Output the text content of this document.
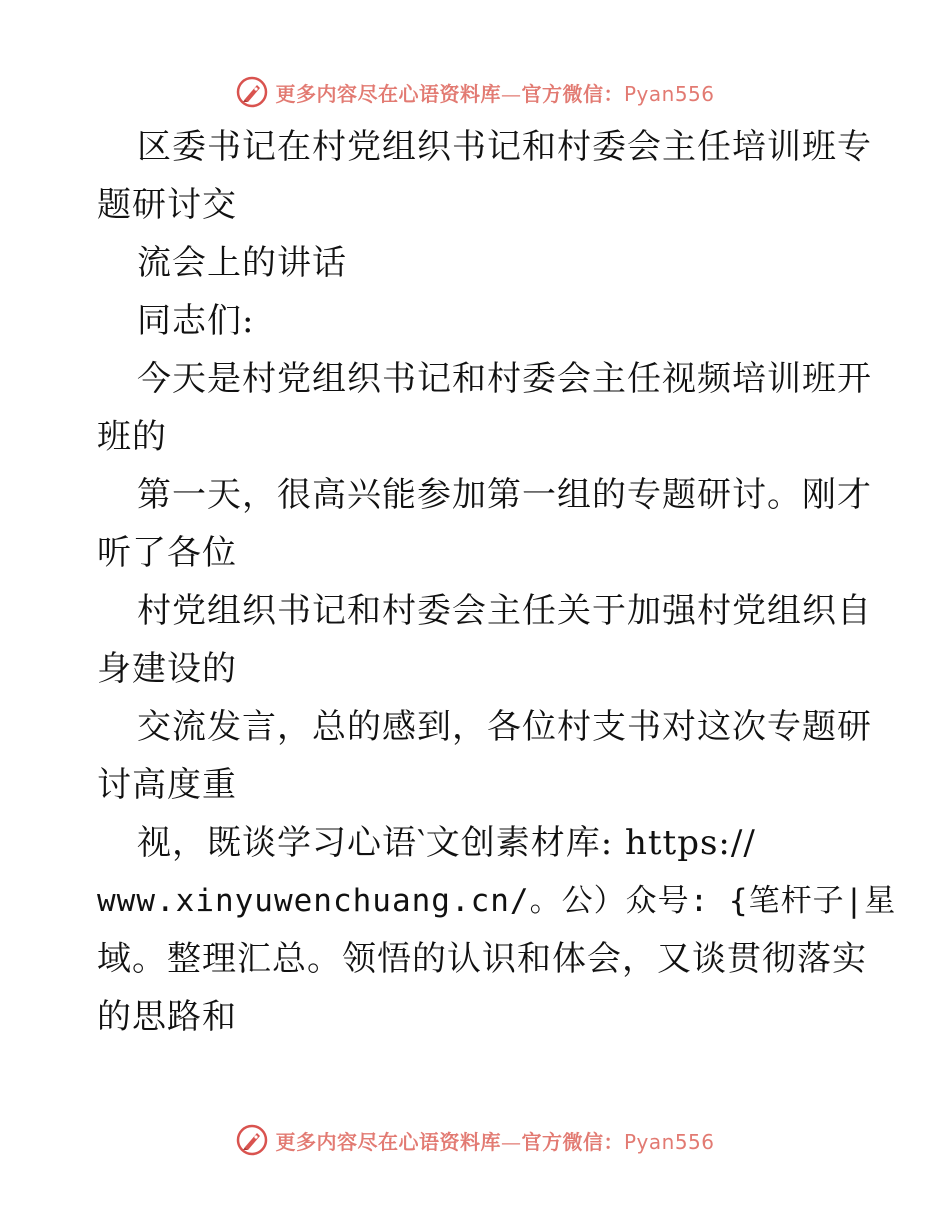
更多内容尽在心语资料库—官方微信：Pyan556
区委书记在村党组织书记和村委会主任培训班专
题研讨交
流会上的讲话
同志们:
今天是村党组织书记和村委会主任视频培训班开
班的
第一天，很高兴能参加第一组的专题研讨。刚才
听了各位
村党组织书记和村委会主任关于加强村党组织自
身建设的
交流发言，总的感到，各位村支书对这次专题研
讨高度重
视，既谈学习心语‵文创素材库: https://
www.xinyuwenchuang.cn/。公）众号: {笔杆子|星
域。整理汇总。领悟的认识和体会，又谈贯彻落实
的思路和
更多内容尽在心语资料库—官方微信：Pyan556
